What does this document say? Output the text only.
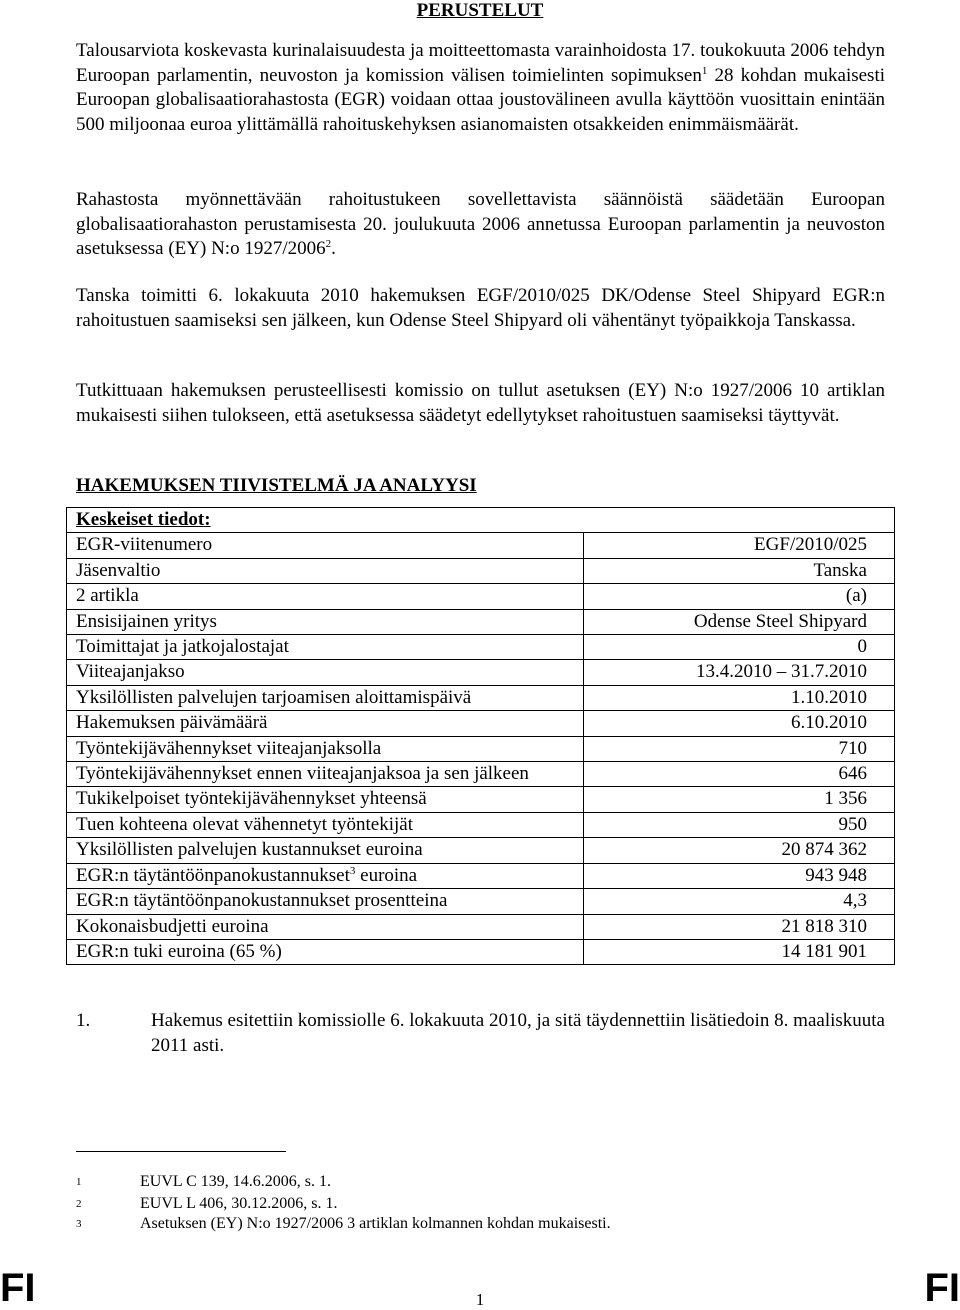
PERUSTELUT

Talousarviota koskevasta kurinalaisuudesta ja moitteettomasta varainhoidosta 17. toukokuuta 2006 tehdyn Euroopan parlamentin, neuvoston ja komission välisen toimielinten sopimuksen$^1$ 28 kohdan mukaisesti Euroopan globalisaatiorahastosta (EGR) voidaan ottaa joustovälineen avulla käyttöön vuosittain enintään 500 miljoonaa euroa ylittämällä rahoituskehyksen asianomaisten otsakkeiden enimmäismäärät.

Rahastosta myönnettävään rahoitustukeen sovellettavista säännöistä säädetään Euroopan globalisaatiorahaston perustamisesta 20. joulukuuta 2006 annetussa Euroopan parlamentin ja neuvoston asetuksessa (EY) N:o 1927/2006$^2$.

Tanska toimitti 6. lokakuuta 2010 hakemuksen EGF/2010/025 DK/Odense Steel Shipyard EGR:n rahoitustuen saamiseksi sen jälkeen, kun Odense Steel Shipyard oli vähentänyt työpaikkoja Tanskassa.

Tutkittuaan hakemuksen perusteellisesti komissio on tullut asetuksen (EY) N:o 1927/2006 10 artiklan mukaisesti siihen tulokseen, että asetuksessa säädetyt edellytykset rahoitustuen saamiseksi täyttyvät.

HAKEMUKSEN TIIVISTELMÄ JA ANALYYSI
Keskeiset tiedot:	
EGR-viitenumero	EGF/2010/025
Jäsenvaltio	Tanska
2 artikla	(a)
Ensisijainen yritys	Odense Steel Shipyard
Toimittajat ja jatkojalostajat	0
Viiteajanjakso	13.4.2010 – 31.7.2010
Yksilöllisten palvelujen tarjoamisen aloittamispäivä	1.10.2010
Hakemuksen päivämäärä	6.10.2010
Työntekijävähennykset viiteajanjaksolla	710
Työntekijävähennykset ennen viiteajanjaksoa ja sen jälkeen	646
Tukikelpoiset työntekijävähennykset yhteensä	1 356
Tuen kohteena olevat vähennetyt työntekijät	950
Yksilöllisten palvelujen kustannukset euroina	20 874 362
EGR:n täytäntöönpanokustannukset$^3$ euroina	943 948
EGR:n täytäntöönpanokustannukset prosentteina	4,3
Kokonaisbudjetti euroina	21 818 310
EGR:n tuki euroina (65 %)	14 181 901
1.	Hakemus esitettiin komissiolle 6. lokakuuta 2010, ja sitä täydennettiin lisätiedoin 8. maaliskuuta 2011 asti.
1	EUVL C 139, 14.6.2006, s. 1.
2	EUVL L 406, 30.12.2006, s. 1.
3	Asetuksen (EY) N:o 1927/2006 3 artiklan kolmannen kohdan mukaisesti.
FI	1	FI
